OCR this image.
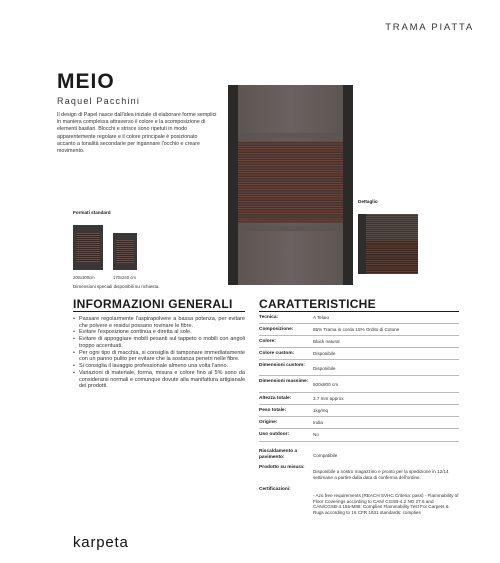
TRAMA PIATTA
MEIO
Raquel Pacchini
Il design di Papel nasce dall'idea iniziale di elaborare forme semplici in maniera complessa attraverso il colore e la scomposizione di elementi basilari. Blocchi e strisce sono ripetuti in modo apparentemente regolare e il colore principale è posizionato accanto a tonalità secondarie per ingannare l'occhio e creare movimento.
Formati standard
200x300cm	170x240 cm
Dimensioni speciali disponibili su richiesta.
Dettaglio
INFORMAZIONI GENERALI
• Passare regolarmente l'aspirapolvere a bassa potenza, per evitare che polvere e residui possano rovinare le fibre.
• Evitare l'esposizione continua e diretta al sole.
• Evitare di appoggiare mobili pesanti sul tappeto o mobili con angoli troppo accentuati.
• Per ogni tipo di macchia, si consiglia di tamponare immediatamente con un panno pulito per evitare che la sostanza penetri nelle fibre.
• Si consiglia il lavaggio professionale almeno una volta l'anno.
• Variazioni di materiale, forma, misura e colore fino al 5% sono da considerarsi normali e comunque dovute alla manifattura artigianale dei prodotti.
CARATTERISTICHE
Tecnica:	A Telaio
Composizione:	85% Trama in corda 15% Ordito di Cotone
Colore:	Black natural
Colore custom:	Disponibile
Dimensioni custom:
Disponibile
Dimensioni massime:
500x800 cm
Altezza totale:	3.7 mm approx
Peso totale:	1kg/mq
Origine:	India
Uso outdoor:	No
Riscaldamento a pavimento:	Compatibile
Prodotto su misura:
Disponibile a nostro magazzino e pronto per la spedizione in 12/14 settimane a partire dalla data di conferma dell'ordine.
Certificazioni:
- Azo free requirements (REACH SVHC Criteria: pass) - Flammability of Floor Coverings according to CAN/ CGSB-4.2 NO 27.6 and CAN/CGSB-4.155-M88: Complies Flammability Test For Carpets & Rugs according to 16 CFR 1631 standards: complies
karpeta
